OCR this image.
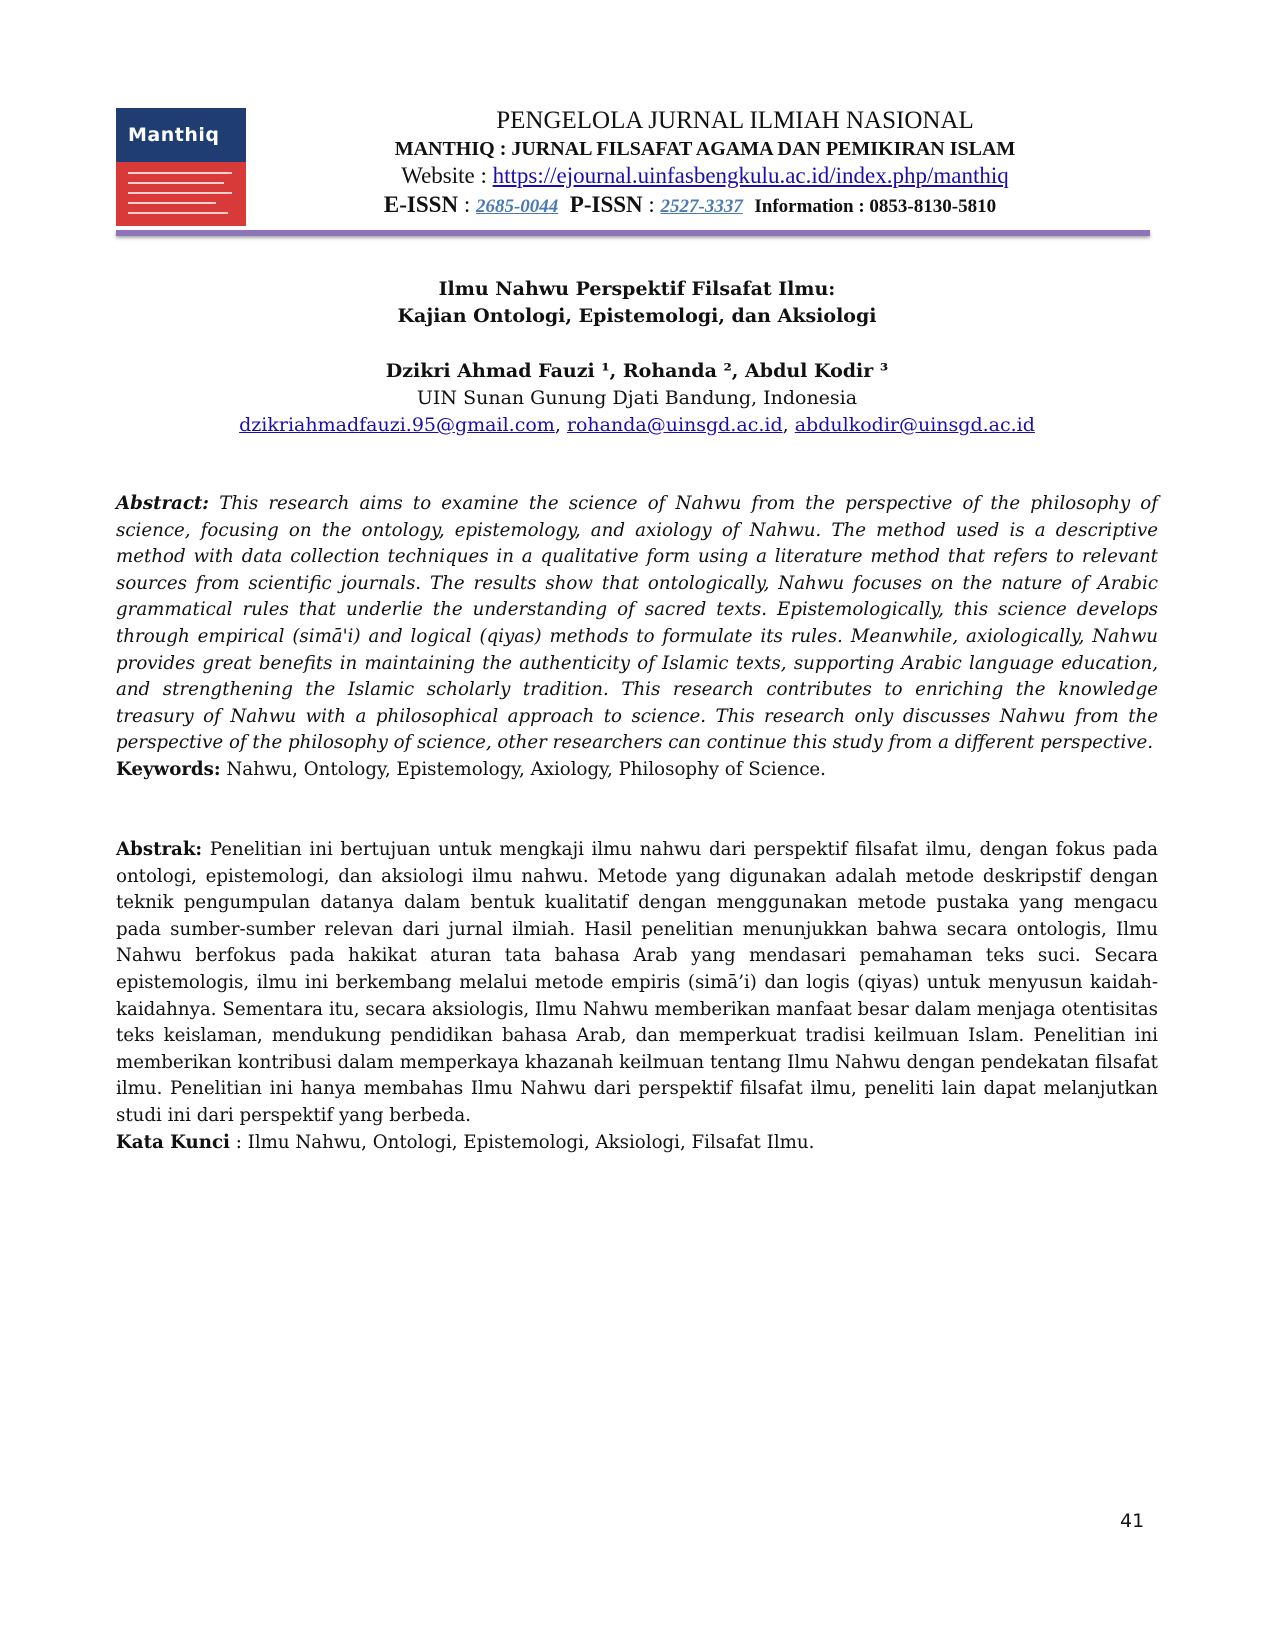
Manthiq
PENGELOLA JURNAL ILMIAH NASIONAL
MANTHIQ : JURNAL FILSAFAT AGAMA DAN PEMIKIRAN ISLAM
Website : https://ejournal.uinfasbengkulu.ac.id/index.php/manthiq
E-ISSN : 2685-0044 P-ISSN : 2527-3337 Information : 0853-8130-5810
Ilmu Nahwu Perspektif Filsafat Ilmu:
Kajian Ontologi, Epistemologi, dan Aksiologi
Dzikri Ahmad Fauzi ¹, Rohanda ², Abdul Kodir ³
UIN Sunan Gunung Djati Bandung, Indonesia
dzikriahmadfauzi.95@gmail.com, rohanda@uinsgd.ac.id, abdulkodir@uinsgd.ac.id
Abstract: This research aims to examine the science of Nahwu from the perspective of the philosophy of science, focusing on the ontology, epistemology, and axiology of Nahwu. The method used is a descriptive method with data collection techniques in a qualitative form using a literature method that refers to relevant sources from scientific journals. The results show that ontologically, Nahwu focuses on the nature of Arabic grammatical rules that underlie the understanding of sacred texts. Epistemologically, this science develops through empirical (simā'i) and logical (qiyas) methods to formulate its rules. Meanwhile, axiologically, Nahwu provides great benefits in maintaining the authenticity of Islamic texts, supporting Arabic language education, and strengthening the Islamic scholarly tradition. This research contributes to enriching the knowledge treasury of Nahwu with a philosophical approach to science. This research only discusses Nahwu from the perspective of the philosophy of science, other researchers can continue this study from a different perspective.
Keywords: Nahwu, Ontology, Epistemology, Axiology, Philosophy of Science.
Abstrak: Penelitian ini bertujuan untuk mengkaji ilmu nahwu dari perspektif filsafat ilmu, dengan fokus pada ontologi, epistemologi, dan aksiologi ilmu nahwu. Metode yang digunakan adalah metode deskripstif dengan teknik pengumpulan datanya dalam bentuk kualitatif dengan menggunakan metode pustaka yang mengacu pada sumber-sumber relevan dari jurnal ilmiah. Hasil penelitian menunjukkan bahwa secara ontologis, Ilmu Nahwu berfokus pada hakikat aturan tata bahasa Arab yang mendasari pemahaman teks suci. Secara epistemologis, ilmu ini berkembang melalui metode empiris (simā’i) dan logis (qiyas) untuk menyusun kaidah-kaidahnya. Sementara itu, secara aksiologis, Ilmu Nahwu memberikan manfaat besar dalam menjaga otentisitas teks keislaman, mendukung pendidikan bahasa Arab, dan memperkuat tradisi keilmuan Islam. Penelitian ini memberikan kontribusi dalam memperkaya khazanah keilmuan tentang Ilmu Nahwu dengan pendekatan filsafat ilmu. Penelitian ini hanya membahas Ilmu Nahwu dari perspektif filsafat ilmu, peneliti lain dapat melanjutkan studi ini dari perspektif yang berbeda.
Kata Kunci : Ilmu Nahwu, Ontologi, Epistemologi, Aksiologi, Filsafat Ilmu.
41
